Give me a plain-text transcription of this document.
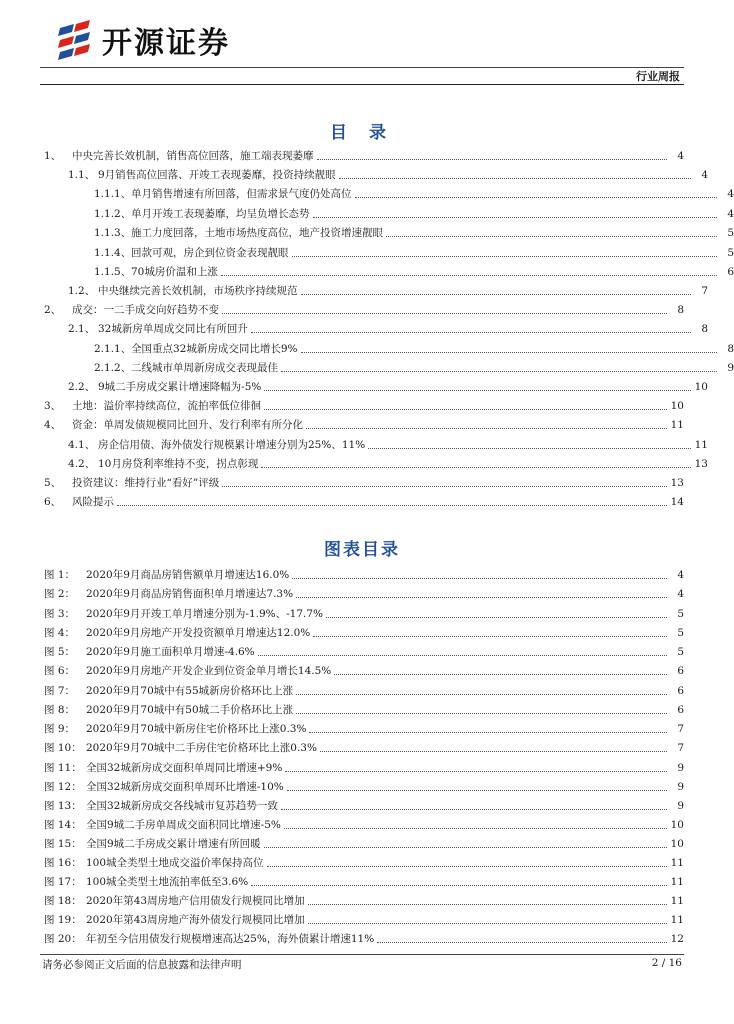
开源证券
行业周报
目 录
1、	中央完善长效机制，销售高位回落，施工端表现萎靡	4
1.1、 9月销售高位回落、开竣工表现萎靡，投资持续靓眼	4
1.1.1、 单月销售增速有所回落，但需求景气度仍处高位	4
1.1.2、 单月开竣工表现萎靡，均呈负增长态势	4
1.1.3、 施工力度回落，土地市场热度高位，地产投资增速靓眼	5
1.1.4、 回款可观，房企到位资金表现靓眼	5
1.1.5、 70城房价温和上涨	6
1.2、 中央继续完善长效机制，市场秩序持续规范	7
2、	成交：一二手成交向好趋势不变	8
2.1、 32城新房单周成交同比有所回升	8
2.1.1、 全国重点32城新房成交同比增长9%	8
2.1.2、 二线城市单周新房成交表现最佳	9
2.2、 9城二手房成交累计增速降幅为-5%	10
3、	土地：溢价率持续高位，流拍率低位徘徊	10
4、	资金：单周发债规模同比回升、发行利率有所分化	11
4.1、 房企信用债、海外债发行规模累计增速分别为25%、11%	11
4.2、 10月房贷利率维持不变，拐点彰现	13
5、	投资建议：维持行业“看好”评级	13
6、	风险提示	14
图表目录
图 1：	2020年9月商品房销售额单月增速达16.0%	4
图 2：	2020年9月商品房销售面积单月增速达7.3%	4
图 3：	2020年9月开竣工单月增速分别为-1.9%、-17.7%	5
图 4：	2020年9月房地产开发投资额单月增速达12.0%	5
图 5：	2020年9月施工面积单月增速-4.6%	5
图 6：	2020年9月房地产开发企业到位资金单月增长14.5%	6
图 7：	2020年9月70城中有55城新房价格环比上涨	6
图 8：	2020年9月70城中有50城二手价格环比上涨	6
图 9：	2020年9月70城中新房住宅价格环比上涨0.3%	7
图 10： 2020年9月70城中二手房住宅价格环比上涨0.3%	7
图 11： 全国32城新房成交面积单周同比增速+9%	9
图 12： 全国32城新房成交面积单周环比增速-10%	9
图 13： 全国32城新房成交各线城市复苏趋势一致	9
图 14： 全国9城二手房单周成交面积同比增速-5%	10
图 15： 全国9城二手房成交累计增速有所回暖	10
图 16： 100城全类型土地成交溢价率保持高位	11
图 17： 100城全类型土地流拍率低至3.6%	11
图 18： 2020年第43周房地产信用债发行规模同比增加	11
图 19： 2020年第43周房地产海外债发行规模同比增加	11
图 20： 年初至今信用债发行规模增速高达25%，海外债累计增速11%	12
请务必参阅正文后面的信息披露和法律声明	2 / 16
